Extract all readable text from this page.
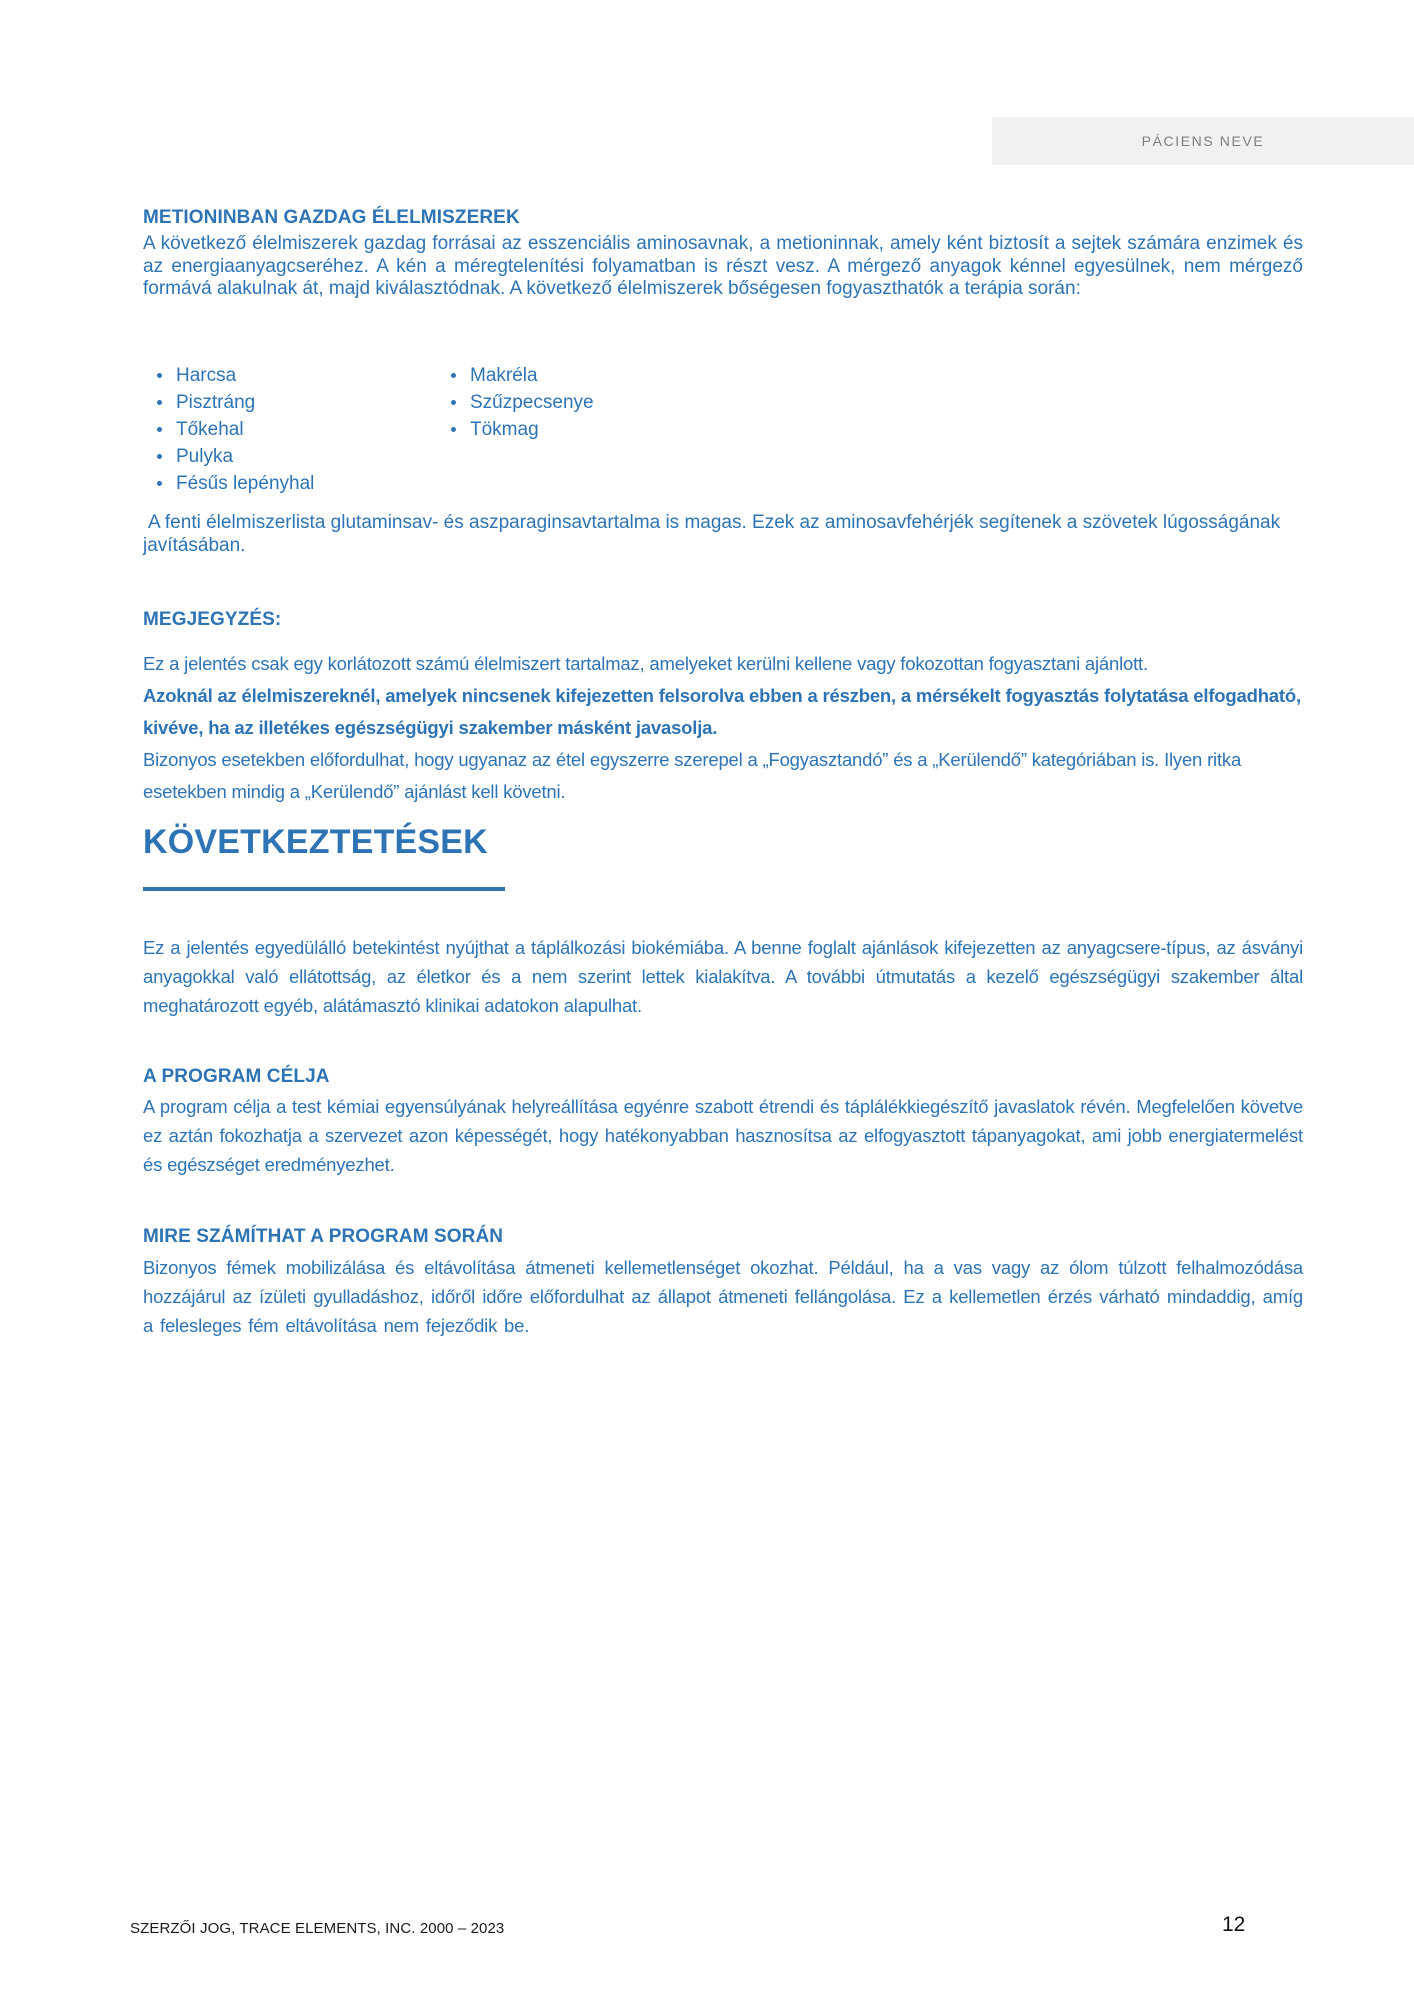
PÁCIENS NEVE
METIONINBAN GAZDAG ÉLELMISZEREK
A következő élelmiszerek gazdag forrásai az esszenciális aminosavnak, a metioninnak, amely ként biztosít a sejtek számára enzimek és az energiaanyagcseréhez. A kén a méregtelenítési folyamatban is részt vesz. A mérgező anyagok kénnel egyesülnek, nem mérgező formává alakulnak át, majd kiválasztódnak. A következő élelmiszerek bőségesen fogyaszthatók a terápia során:
Harcsa
Pisztráng
Tőkehal
Pulyka
Fésűs lepényhal
Makréla
Szűzpecsenye
Tökmag
A fenti élelmiszerlista glutaminsav- és aszparaginsavtartalma is magas. Ezek az aminosavfehérjék segítenek a szövetek lúgosságának javításában.
MEGJEGYZÉS:

Ez a jelentés csak egy korlátozott számú élelmiszert tartalmaz, amelyeket kerülni kellene vagy fokozottan fogyasztani ajánlott.

Azoknál az élelmiszereknél, amelyek nincsenek kifejezetten felsorolva ebben a részben, a mérsékelt fogyasztás folytatása elfogadható, kivéve, ha az illetékes egészségügyi szakember másként javasolja.

Bizonyos esetekben előfordulhat, hogy ugyanaz az étel egyszerre szerepel a „Fogyasztandó” és a „Kerülendő” kategóriában is. Ilyen ritka esetekben mindig a „Kerülendő” ajánlást kell követni.

KÖVETKEZTETÉSEK
Ez a jelentés egyedülálló betekintést nyújthat a táplálkozási biokémiába. A benne foglalt ajánlások kifejezetten az anyagcsere-típus, az ásványi anyagokkal való ellátottság, az életkor és a nem szerint lettek kialakítva. A további útmutatás a kezelő egészségügyi szakember által meghatározott egyéb, alátámasztó klinikai adatokon alapulhat.
A PROGRAM CÉLJA
A program célja a test kémiai egyensúlyának helyreállítása egyénre szabott étrendi és táplálékkiegészítő javaslatok révén. Megfelelően követve ez aztán fokozhatja a szervezet azon képességét, hogy hatékonyabban hasznosítsa az elfogyasztott tápanyagokat, ami jobb energiatermelést és egészséget eredményezhet.
MIRE SZÁMÍTHAT A PROGRAM SORÁN
Bizonyos fémek mobilizálása és eltávolítása átmeneti kellemetlenséget okozhat. Például, ha a vas vagy az ólom túlzott felhalmozódása hozzájárul az ízületi gyulladáshoz, időről időre előfordulhat az állapot átmeneti fellángolása. Ez a kellemetlen érzés várható mindaddig, amíg a felesleges fém eltávolítása nem fejeződik be.
SZERZŐI JOG, TRACE ELEMENTS, INC. 2000 – 2023	12
